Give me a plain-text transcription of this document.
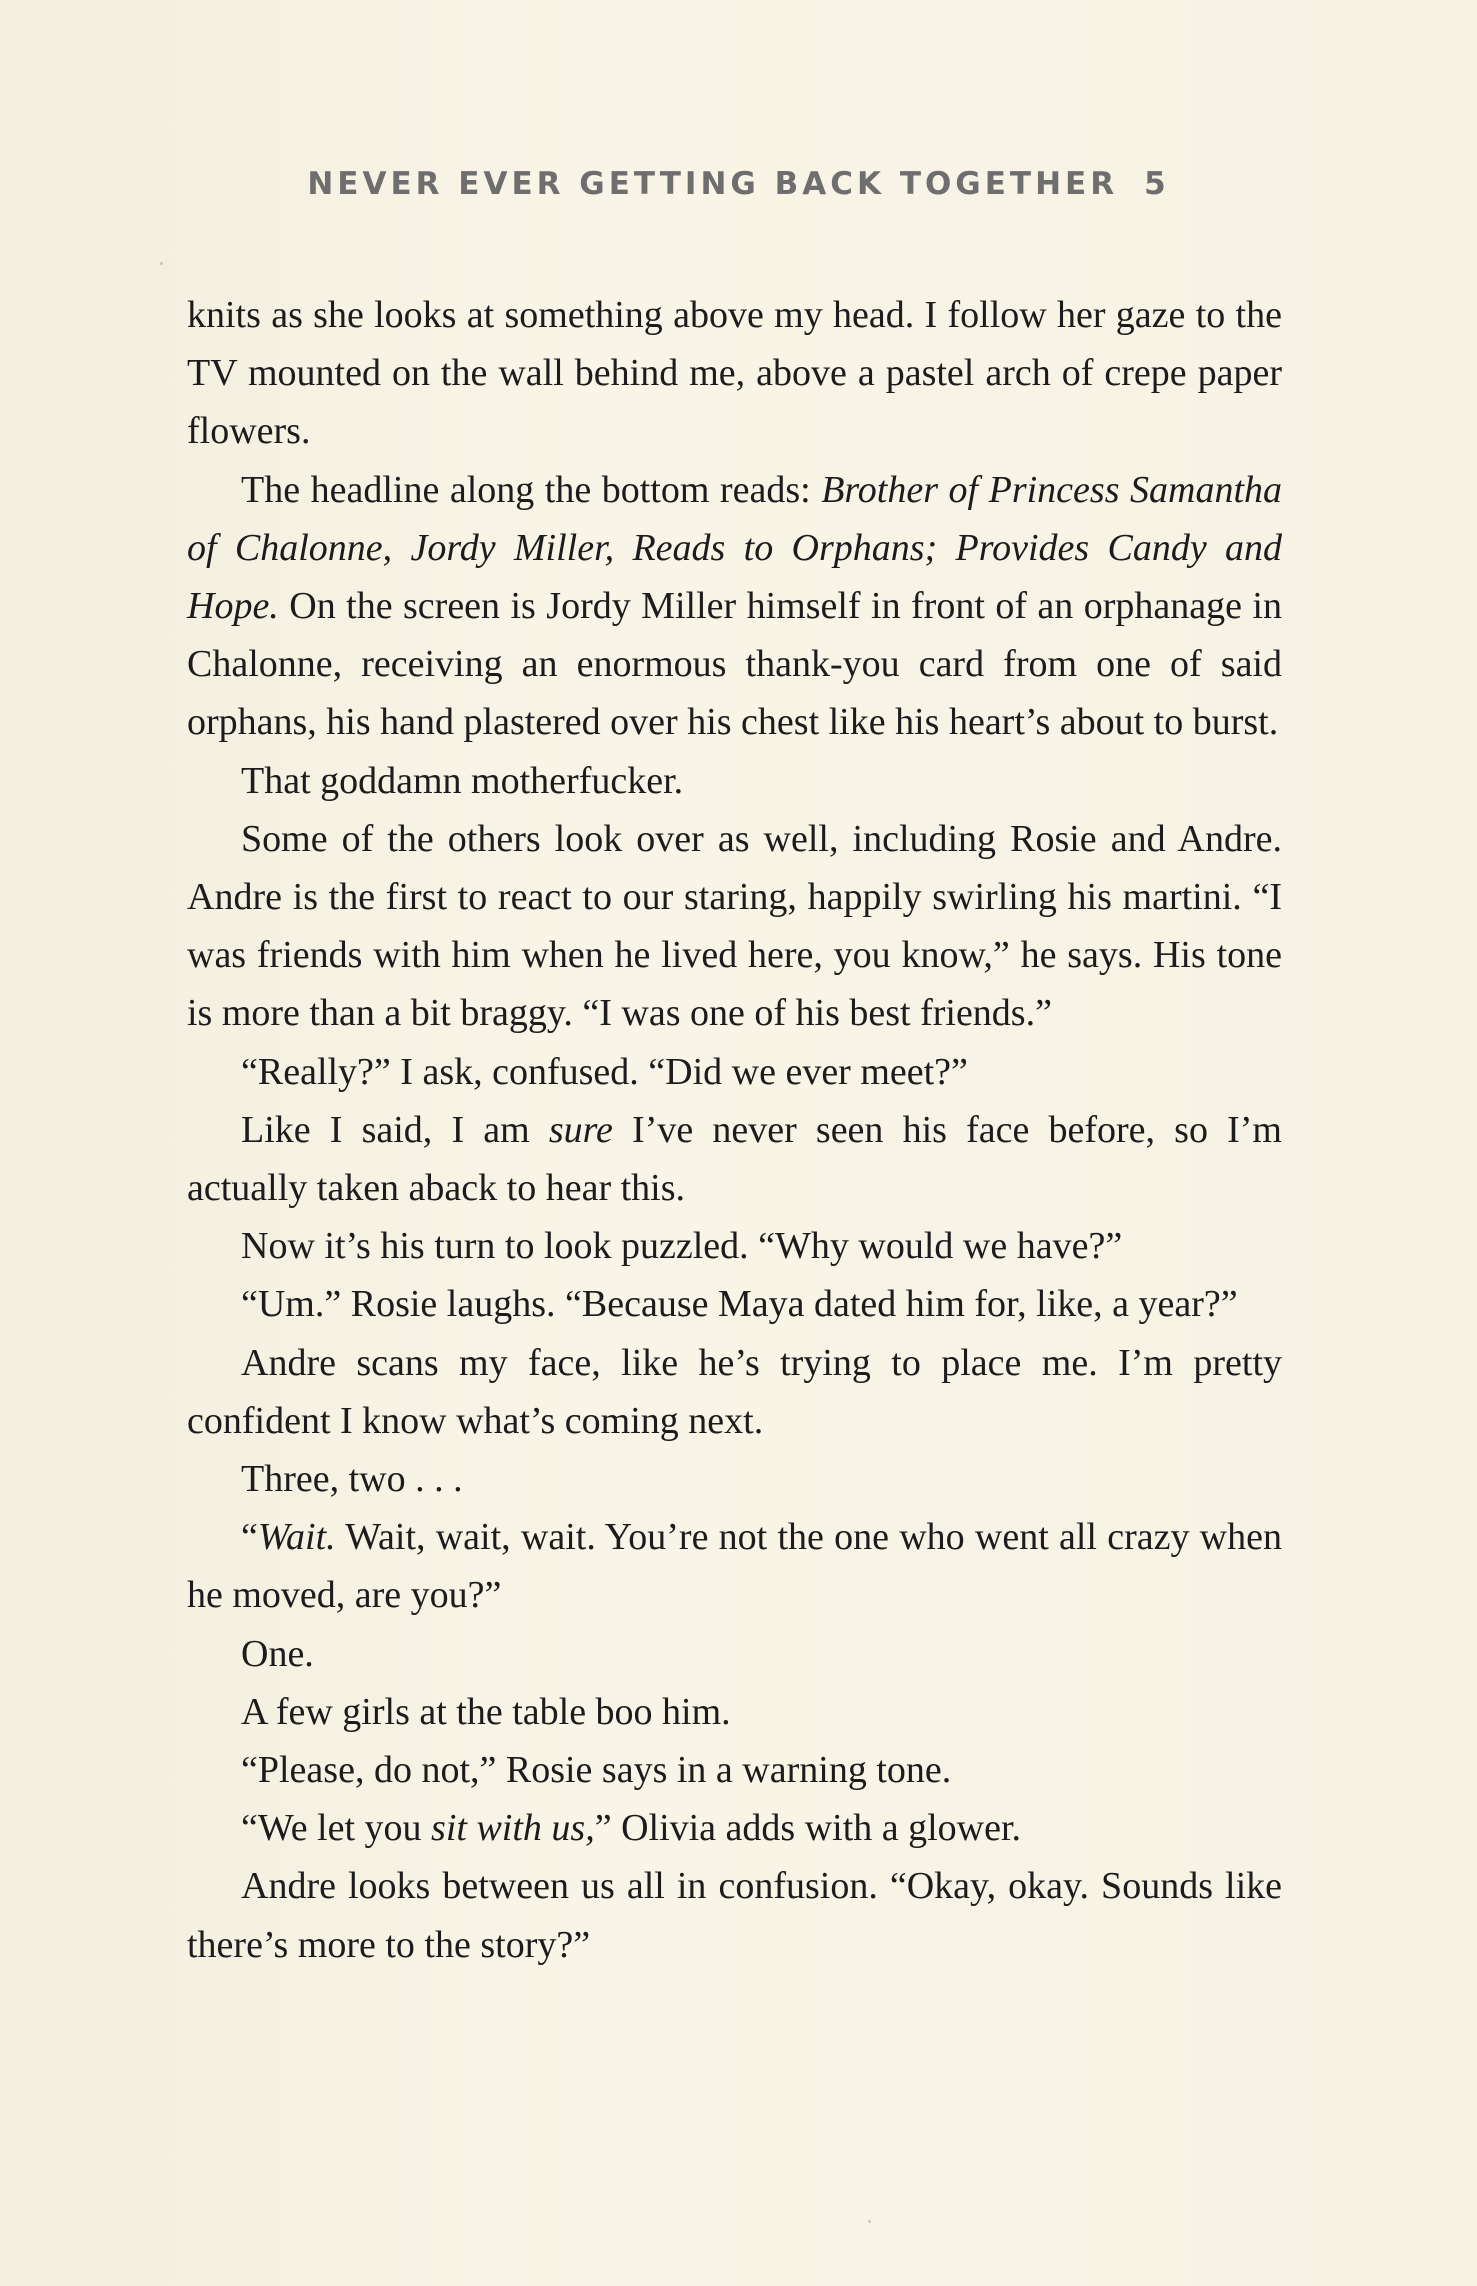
NEVER EVER GETTING BACK TOGETHER 5

knits as she looks at something above my head. I follow her gaze to the TV mounted on the wall behind me, above a pastel arch of crepe paper flowers.

The headline along the bottom reads: Brother of Princess Samantha of Chalonne, Jordy Miller, Reads to Orphans; Provides Candy and Hope. On the screen is Jordy Miller himself in front of an orphanage in Chalonne, receiving an enormous thank-you card from one of said orphans, his hand plastered over his chest like his heart’s about to burst.

That goddamn motherfucker.

Some of the others look over as well, including Rosie and Andre. Andre is the first to react to our staring, happily swirling his martini. “I was friends with him when he lived here, you know,” he says. His tone is more than a bit braggy. “I was one of his best friends.”

“Really?” I ask, confused. “Did we ever meet?”

Like I said, I am sure I’ve never seen his face before, so I’m actually taken aback to hear this.

Now it’s his turn to look puzzled. “Why would we have?”

“Um.” Rosie laughs. “Because Maya dated him for, like, a year?”

Andre scans my face, like he’s trying to place me. I’m pretty confident I know what’s coming next.

Three, two . . .

“Wait. Wait, wait, wait. You’re not the one who went all crazy when he moved, are you?”

One.

A few girls at the table boo him.

“Please, do not,” Rosie says in a warning tone.

“We let you sit with us,” Olivia adds with a glower.

Andre looks between us all in confusion. “Okay, okay. Sounds like there’s more to the story?”
